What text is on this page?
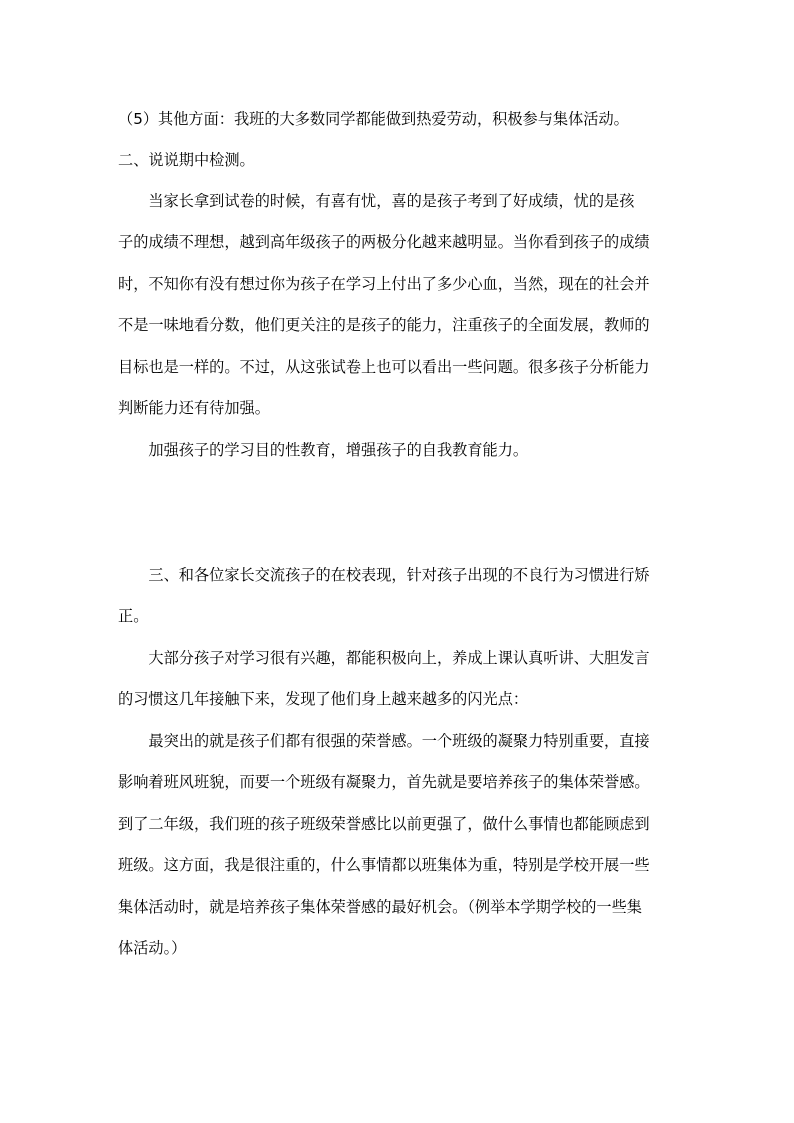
（5）其他方面：我班的大多数同学都能做到热爱劳动，积极参与集体活动。
二、说说期中检测。
　　当家长拿到试卷的时候，有喜有忧，喜的是孩子考到了好成绩，忧的是孩
子的成绩不理想，越到高年级孩子的两极分化越来越明显。当你看到孩子的成绩
时，不知你有没有想过你为孩子在学习上付出了多少心血，当然，现在的社会并
不是一味地看分数，他们更关注的是孩子的能力，注重孩子的全面发展，教师的
目标也是一样的。不过，从这张试卷上也可以看出一些问题。很多孩子分析能力
判断能力还有待加强。
　　加强孩子的学习目的性教育，增强孩子的自我教育能力。
　　三、和各位家长交流孩子的在校表现，针对孩子出现的不良行为习惯进行矫
正。
　　大部分孩子对学习很有兴趣，都能积极向上，养成上课认真听讲、大胆发言
的习惯这几年接触下来，发现了他们身上越来越多的闪光点：
　　最突出的就是孩子们都有很强的荣誉感。一个班级的凝聚力特别重要，直接
影响着班风班貌，而要一个班级有凝聚力，首先就是要培养孩子的集体荣誉感。
到了二年级，我们班的孩子班级荣誉感比以前更强了，做什么事情也都能顾虑到
班级。这方面，我是很注重的，什么事情都以班集体为重，特别是学校开展一些
集体活动时，就是培养孩子集体荣誉感的最好机会。（例举本学期学校的一些集
体活动。）
